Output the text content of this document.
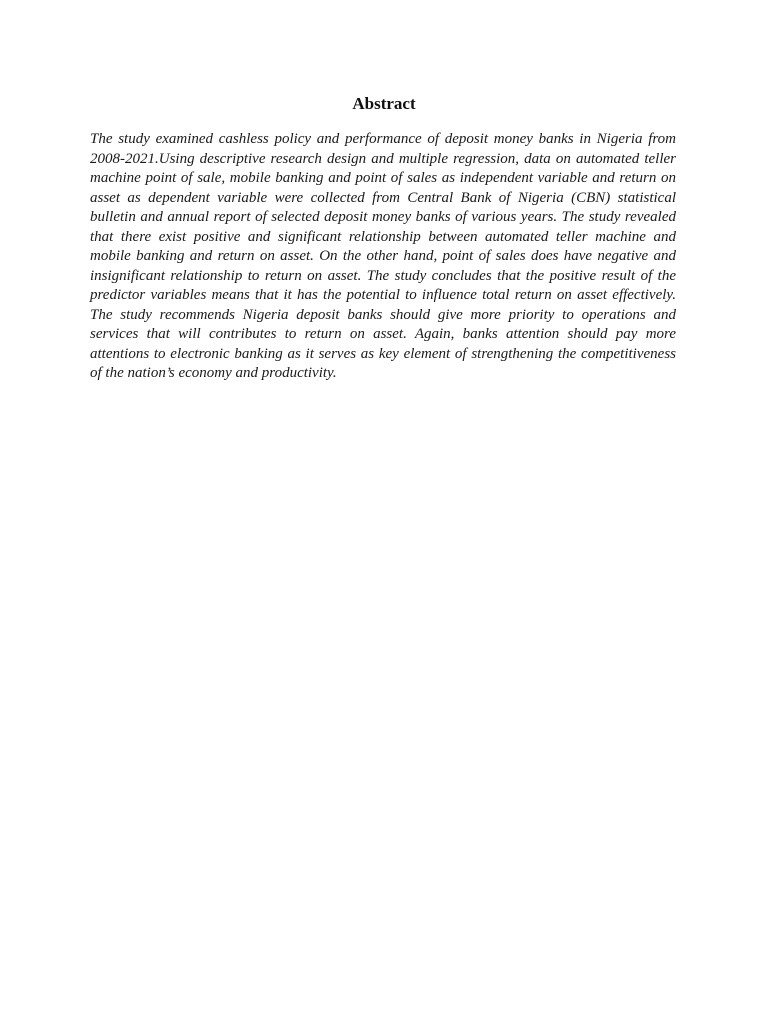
Abstract

The study examined cashless policy and performance of deposit money banks in Nigeria from 2008-2021.Using descriptive research design and multiple regression, data on automated teller machine point of sale, mobile banking and point of sales as independent variable and return on asset as dependent variable were collected from Central Bank of Nigeria (CBN) statistical bulletin and annual report of selected deposit money banks of various years. The study revealed that there exist positive and significant relationship between automated teller machine and mobile banking and return on asset. On the other hand, point of sales does have negative and insignificant relationship to return on asset. The study concludes that the positive result of the predictor variables means that it has the potential to influence total return on asset effectively. The study recommends Nigeria deposit banks should give more priority to operations and services that will contributes to return on asset. Again, banks attention should pay more attentions to electronic banking as it serves as key element of strengthening the competitiveness of the nation’s economy and productivity.
